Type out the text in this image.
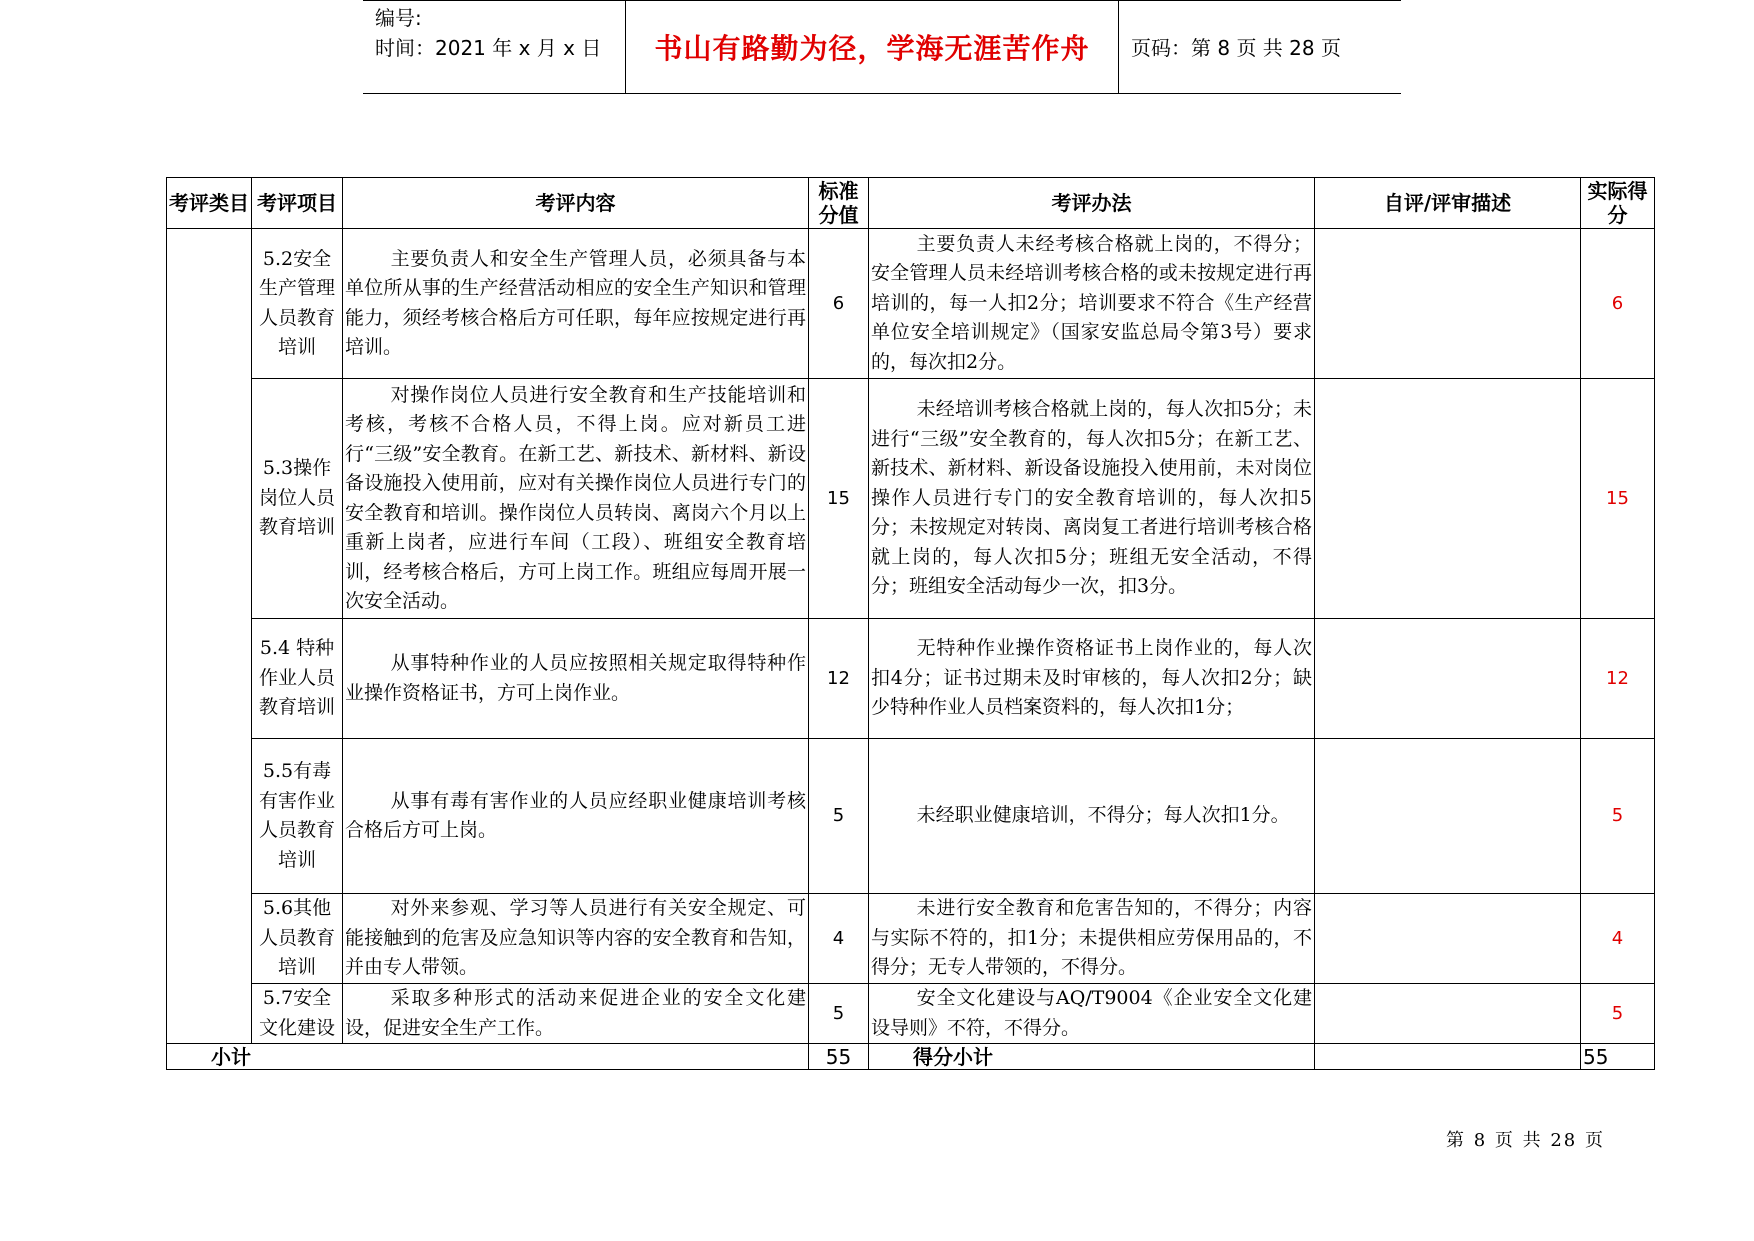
编号:
时间：2021 年 x 月 x 日	书山有路勤为径，学海无涯苦作舟	页码：第 8 页 共 28 页
考评类目	考评项目	考评内容	标准分值	考评办法	自评/评审描述	实际得分
	5.2安全生产管理人员教育培训	主要负责人和安全生产管理人员，必须具备与本单位所从事的生产经营活动相应的安全生产知识和管理能力，须经考核合格后方可任职，每年应按规定进行再培训。	6	主要负责人未经考核合格就上岗的，不得分；安全管理人员未经培训考核合格的或未按规定进行再培训的，每一人扣2分；培训要求不符合《生产经营单位安全培训规定》（国家安监总局令第3号）要求的，每次扣2分。		6
	5.3操作岗位人员教育培训	对操作岗位人员进行安全教育和生产技能培训和考核，考核不合格人员，不得上岗。应对新员工进行“三级”安全教育。在新工艺、新技术、新材料、新设备设施投入使用前，应对有关操作岗位人员进行专门的安全教育和培训。操作岗位人员转岗、离岗六个月以上重新上岗者，应进行车间（工段）、班组安全教育培训，经考核合格后，方可上岗工作。班组应每周开展一次安全活动。	15	未经培训考核合格就上岗的，每人次扣5分；未进行“三级”安全教育的，每人次扣5分；在新工艺、新技术、新材料、新设备设施投入使用前，未对岗位操作人员进行专门的安全教育培训的，每人次扣5分；未按规定对转岗、离岗复工者进行培训考核合格就上岗的，每人次扣5分；班组无安全活动，不得分；班组安全活动每少一次，扣3分。		15
	5.4 特种作业人员教育培训	从事特种作业的人员应按照相关规定取得特种作业操作资格证书，方可上岗作业。	12	无特种作业操作资格证书上岗作业的，每人次扣4分；证书过期未及时审核的，每人次扣2分；缺少特种作业人员档案资料的，每人次扣1分；		12
	5.5有毒有害作业人员教育培训	从事有毒有害作业的人员应经职业健康培训考核合格后方可上岗。	5	未经职业健康培训，不得分；每人次扣1分。		5
	5.6其他人员教育培训	对外来参观、学习等人员进行有关安全规定、可能接触到的危害及应急知识等内容的安全教育和告知，并由专人带领。	4	未进行安全教育和危害告知的，不得分；内容与实际不符的，扣1分；未提供相应劳保用品的，不得分；无专人带领的，不得分。		4
	5.7安全文化建设	采取多种形式的活动来促进企业的安全文化建设，促进安全生产工作。	5	安全文化建设与AQ/T9004《企业安全文化建设导则》不符，不得分。		5
小计			55	得分小计		55
第 8 页 共 28 页
